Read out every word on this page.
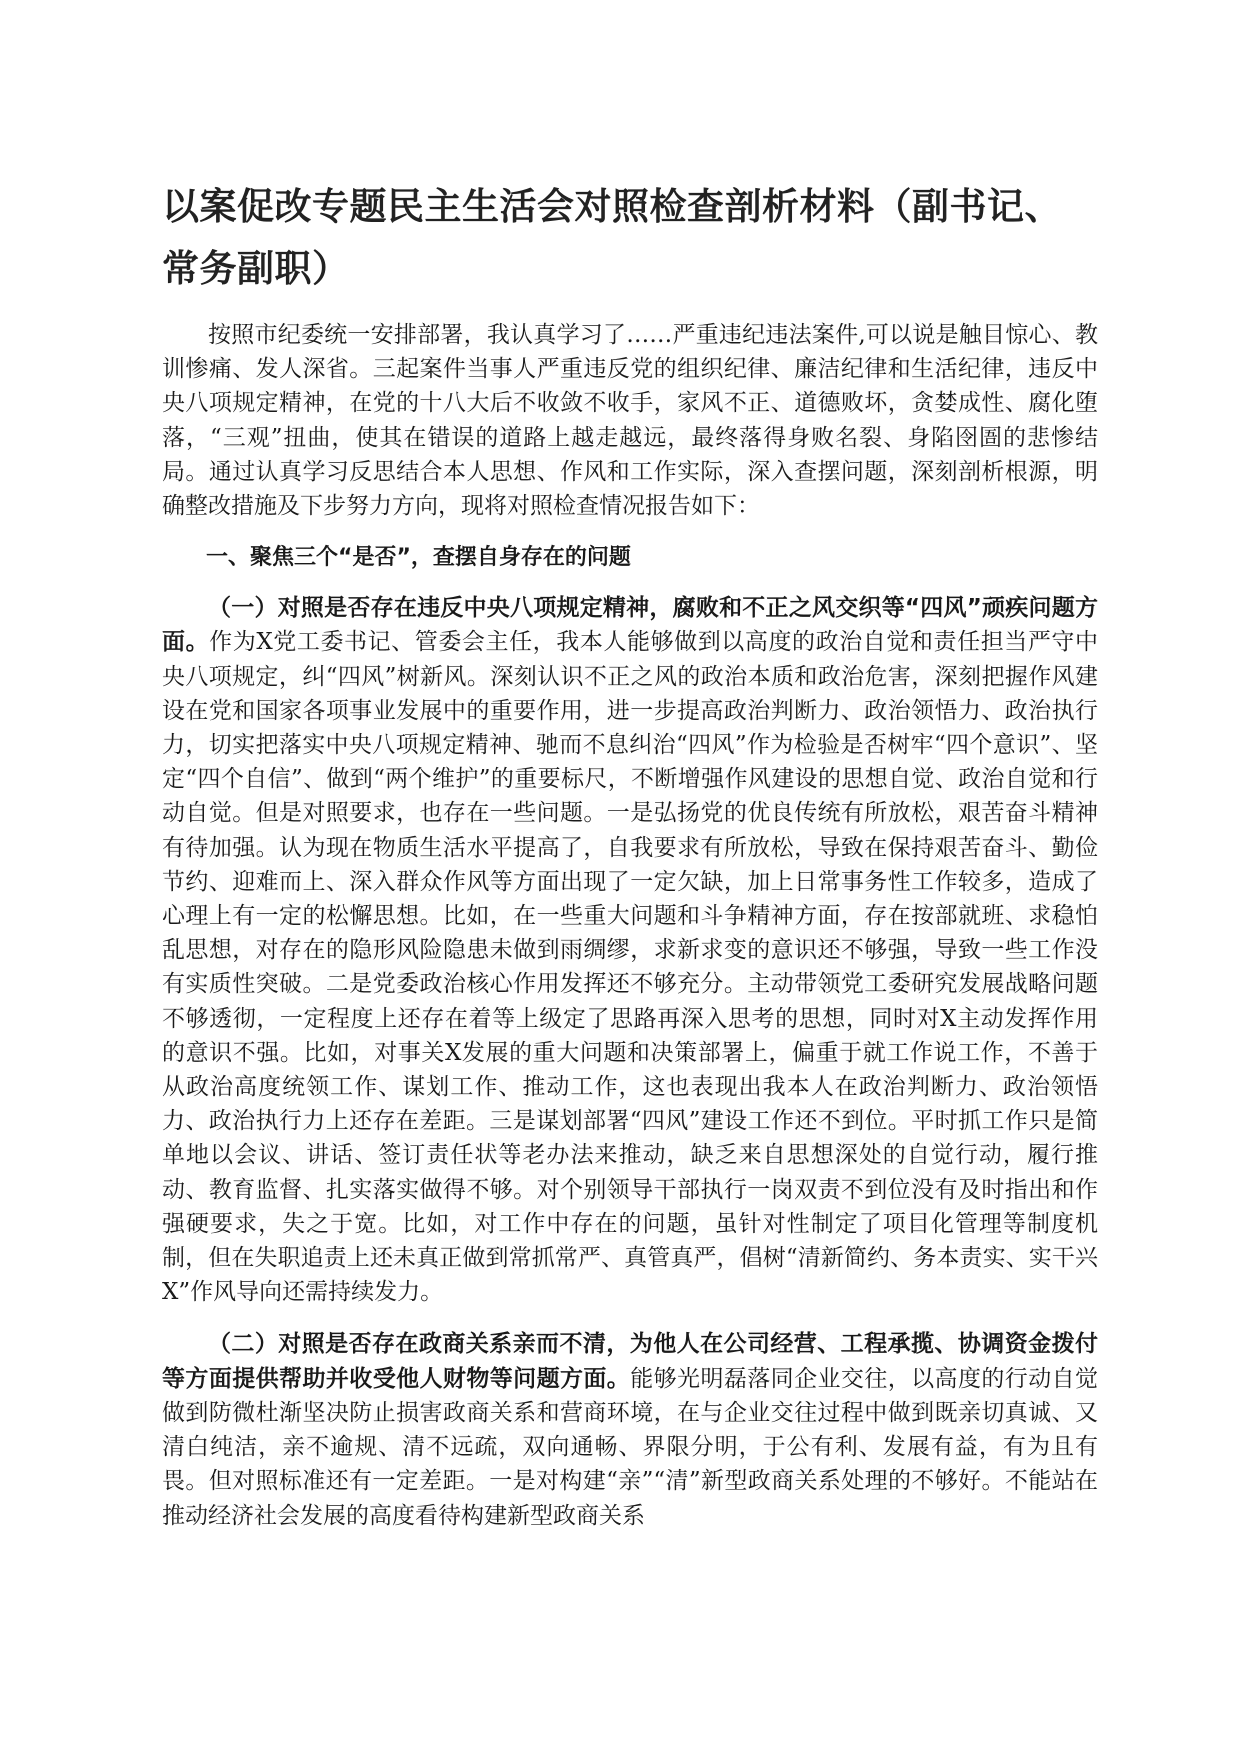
以案促改专题民主生活会对照检查剖析材料（副书记、常务副职）

按照市纪委统一安排部署，我认真学习了……严重违纪违法案件,可以说是触目惊心、教训惨痛、发人深省。三起案件当事人严重违反党的组织纪律、廉洁纪律和生活纪律，违反中央八项规定精神，在党的十八大后不收敛不收手，家风不正、道德败坏，贪婪成性、腐化堕落，“三观”扭曲，使其在错误的道路上越走越远，最终落得身败名裂、身陷囹圄的悲惨结局。通过认真学习反思结合本人思想、作风和工作实际，深入查摆问题，深刻剖析根源，明确整改措施及下步努力方向，现将对照检查情况报告如下：

一、聚焦三个“是否”，查摆自身存在的问题

（一）对照是否存在违反中央八项规定精神，腐败和不正之风交织等“四风”顽疾问题方面。作为X党工委书记、管委会主任，我本人能够做到以高度的政治自觉和责任担当严守中央八项规定，纠“四风”树新风。深刻认识不正之风的政治本质和政治危害，深刻把握作风建设在党和国家各项事业发展中的重要作用，进一步提高政治判断力、政治领悟力、政治执行力，切实把落实中央八项规定精神、驰而不息纠治“四风”作为检验是否树牢“四个意识”、坚定“四个自信”、做到“两个维护”的重要标尺，不断增强作风建设的思想自觉、政治自觉和行动自觉。但是对照要求，也存在一些问题。一是弘扬党的优良传统有所放松，艰苦奋斗精神有待加强。认为现在物质生活水平提高了，自我要求有所放松，导致在保持艰苦奋斗、勤俭节约、迎难而上、深入群众作风等方面出现了一定欠缺，加上日常事务性工作较多，造成了心理上有一定的松懈思想。比如，在一些重大问题和斗争精神方面，存在按部就班、求稳怕乱思想，对存在的隐形风险隐患未做到雨绸缪，求新求变的意识还不够强，导致一些工作没有实质性突破。二是党委政治核心作用发挥还不够充分。主动带领党工委研究发展战略问题不够透彻，一定程度上还存在着等上级定了思路再深入思考的思想，同时对X主动发挥作用的意识不强。比如，对事关X发展的重大问题和决策部署上，偏重于就工作说工作，不善于从政治高度统领工作、谋划工作、推动工作，这也表现出我本人在政治判断力、政治领悟力、政治执行力上还存在差距。三是谋划部署“四风”建设工作还不到位。平时抓工作只是简单地以会议、讲话、签订责任状等老办法来推动，缺乏来自思想深处的自觉行动，履行推动、教育监督、扎实落实做得不够。对个别领导干部执行一岗双责不到位没有及时指出和作强硬要求，失之于宽。比如，对工作中存在的问题，虽针对性制定了项目化管理等制度机制，但在失职追责上还未真正做到常抓常严、真管真严，倡树“清新简约、务本责实、实干兴X”作风导向还需持续发力。

（二）对照是否存在政商关系亲而不清，为他人在公司经营、工程承揽、协调资金拨付等方面提供帮助并收受他人财物等问题方面。能够光明磊落同企业交往，以高度的行动自觉做到防微杜渐坚决防止损害政商关系和营商环境，在与企业交往过程中做到既亲切真诚、又清白纯洁，亲不逾规、清不远疏，双向通畅、界限分明，于公有利、发展有益，有为且有畏。但对照标准还有一定差距。一是对构建“亲”“清”新型政商关系处理的不够好。不能站在推动经济社会发展的高度看待构建新型政商关系
